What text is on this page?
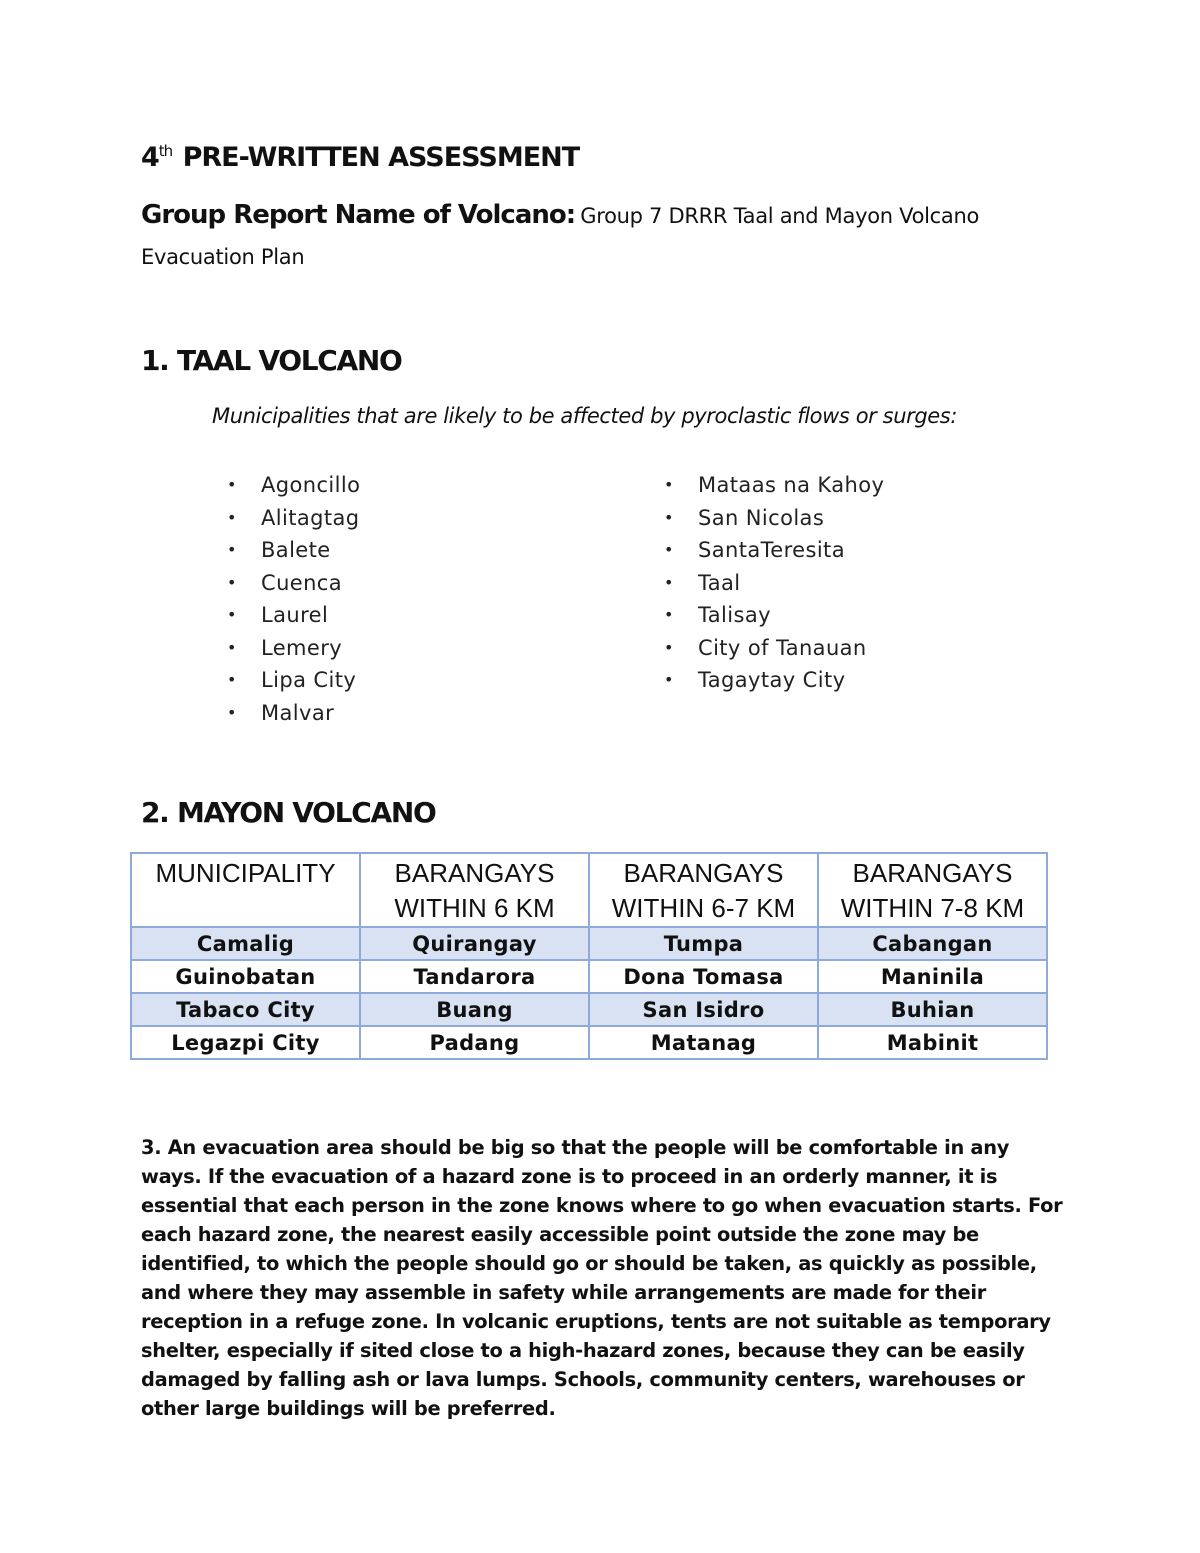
4th PRE-WRITTEN ASSESSMENT
Group Report Name of Volcano: Group 7 DRRR Taal and Mayon Volcano
Evacuation Plan
1. TAAL VOLCANO
Municipalities that are likely to be affected by pyroclastic flows or surges:
• Agoncillo
• Alitagtag
• Balete
• Cuenca
• Laurel
• Lemery
• Lipa City
• Malvar
• Mataas na Kahoy
• San Nicolas
• SantaTeresita
• Taal
• Talisay
• City of Tanauan
• Tagaytay City
2. MAYON VOLCANO
MUNICIPALITY	BARANGAYS WITHIN 6 KM	BARANGAYS WITHIN 6-7 KM	BARANGAYS WITHIN 7-8 KM
Camalig	Quirangay	Tumpa	Cabangan
Guinobatan	Tandarora	Dona Tomasa	Maninila
Tabaco City	Buang	San Isidro	Buhian
Legazpi City	Padang	Matanag	Mabinit
3. An evacuation area should be big so that the people will be comfortable in any ways. If the evacuation of a hazard zone is to proceed in an orderly manner, it is essential that each person in the zone knows where to go when evacuation starts. For each hazard zone, the nearest easily accessible point outside the zone may be identified, to which the people should go or should be taken, as quickly as possible, and where they may assemble in safety while arrangements are made for their reception in a refuge zone. In volcanic eruptions, tents are not suitable as temporary shelter, especially if sited close to a high-hazard zones, because they can be easily damaged by falling ash or lava lumps. Schools, community centers, warehouses or other large buildings will be preferred.
